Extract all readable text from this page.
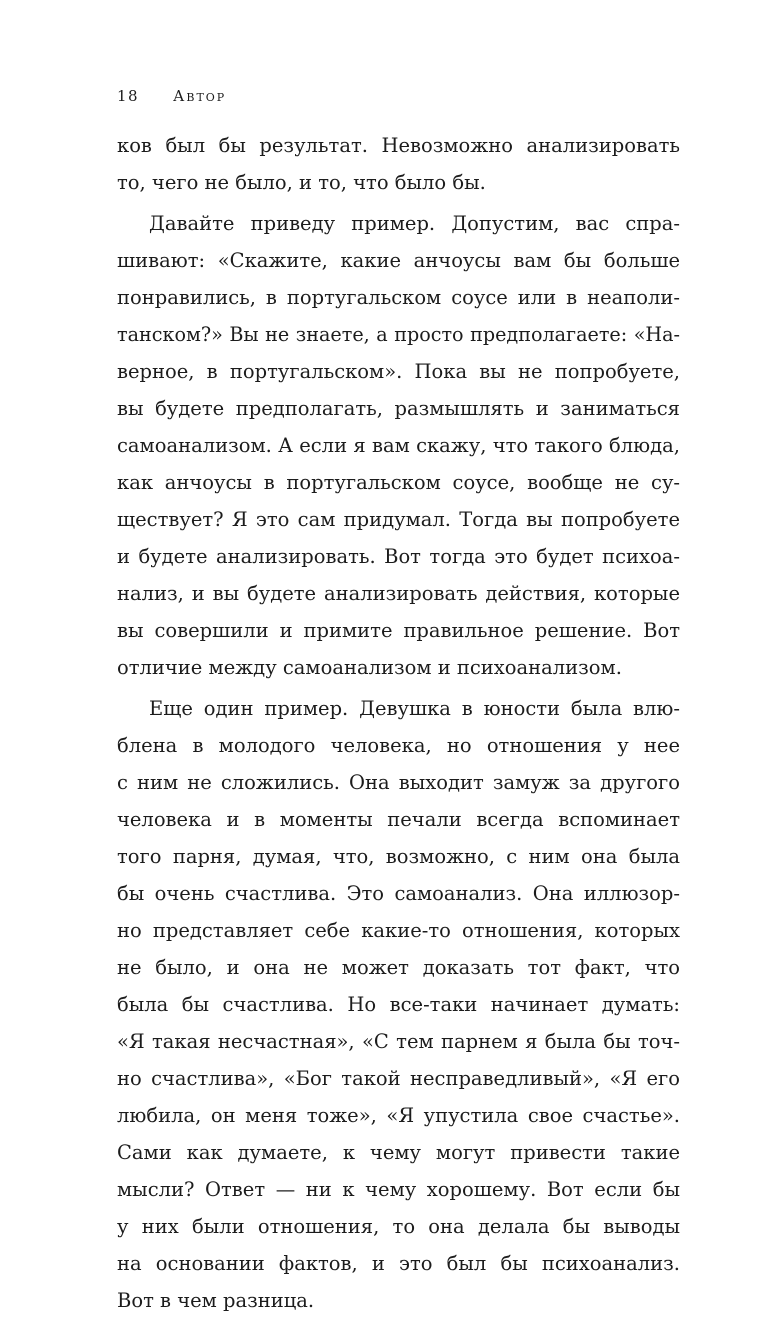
18 Автор
ков был бы результат. Невозможно анализировать
то, чего не было, и то, что было бы.
Давайте приведу пример. Допустим, вас спра-
шивают: «Скажите, какие анчоусы вам бы больше
понравились, в португальском соусе или в неаполи-
танском?» Вы не знаете, а просто предполагаете: «На-
верное, в португальском». Пока вы не попробуете,
вы будете предполагать, размышлять и заниматься
самоанализом. А если я вам скажу, что такого блюда,
как анчоусы в португальском соусе, вообще не су-
ществует? Я это сам придумал. Тогда вы попробуете
и будете анализировать. Вот тогда это будет психоа-
нализ, и вы будете анализировать действия, которые
вы совершили и примите правильное решение. Вот
отличие между самоанализом и психоанализом.
Еще один пример. Девушка в юности была влю-
блена в молодого человека, но отношения у нее
с ним не сложились. Она выходит замуж за другого
человека и в моменты печали всегда вспоминает
того парня, думая, что, возможно, с ним она была
бы очень счастлива. Это самоанализ. Она иллюзор-
но представляет себе какие-то отношения, которых
не было, и она не может доказать тот факт, что
была бы счастлива. Но все-таки начинает думать:
«Я такая несчастная», «С тем парнем я была бы точ-
но счастлива», «Бог такой несправедливый», «Я его
любила, он меня тоже», «Я упустила свое счастье».
Сами как думаете, к чему могут привести такие
мысли? Ответ — ни к чему хорошему. Вот если бы
у них были отношения, то она делала бы выводы
на основании фактов, и это был бы психоанализ.
Вот в чем разница.
